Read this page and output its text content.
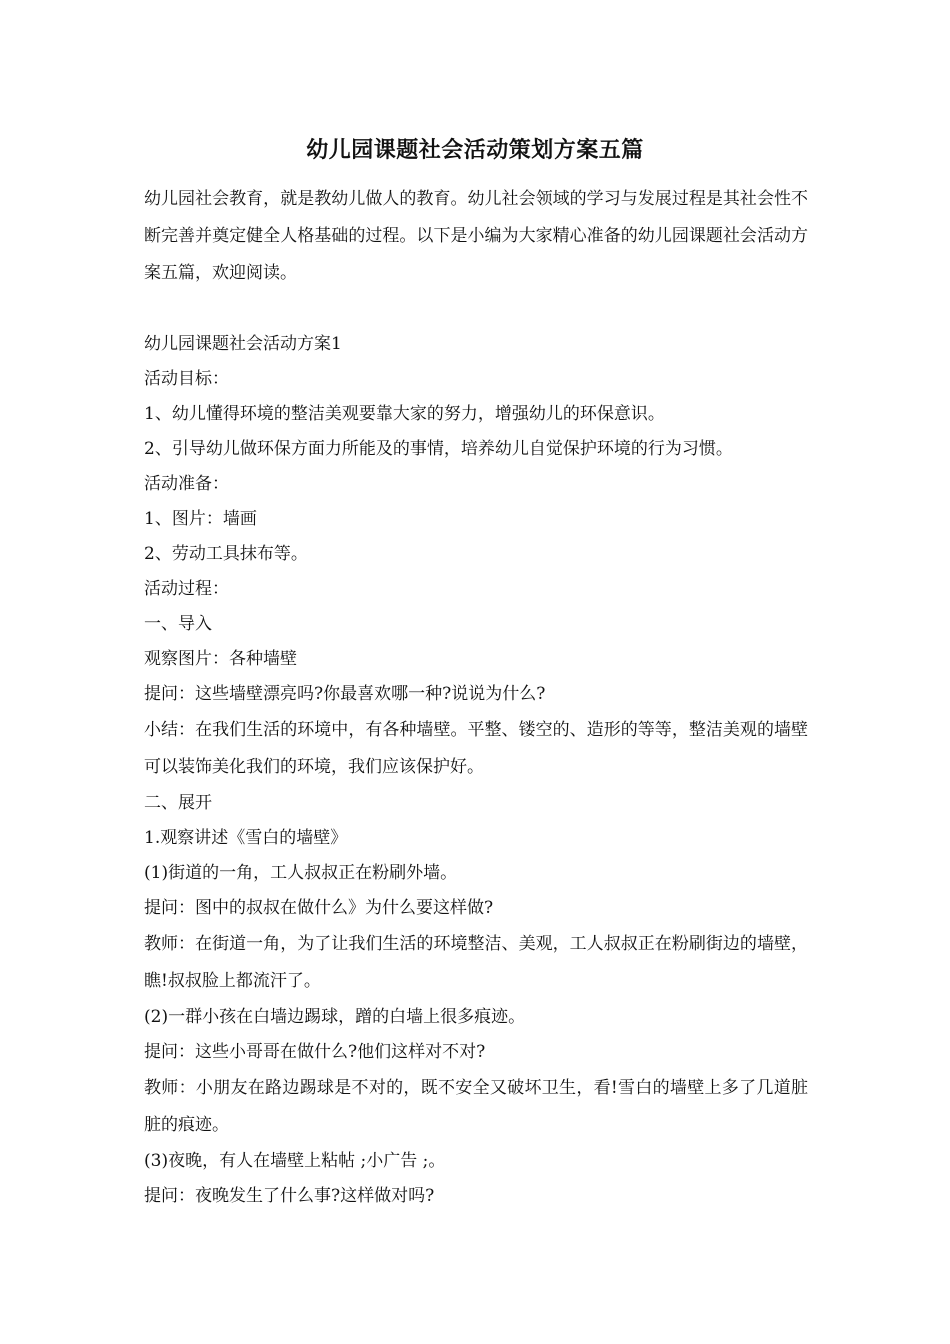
幼儿园课题社会活动策划方案五篇
幼儿园社会教育，就是教幼儿做人的教育。幼儿社会领域的学习与发展过程是其社会性不断完善并奠定健全人格基础的过程。以下是小编为大家精心准备的幼儿园课题社会活动方案五篇，欢迎阅读。

幼儿园课题社会活动方案1

活动目标：

1、幼儿懂得环境的整洁美观要靠大家的努力，增强幼儿的环保意识。

2、引导幼儿做环保方面力所能及的事情，培养幼儿自觉保护环境的行为习惯。

活动准备：

1、图片：墙画

2、劳动工具抹布等。

活动过程：

一、导入

观察图片：各种墙壁

提问：这些墙壁漂亮吗?你最喜欢哪一种?说说为什么?

小结：在我们生活的环境中，有各种墙壁。平整、镂空的、造形的等等，整洁美观的墙壁可以装饰美化我们的环境，我们应该保护好。

二、展开

1.观察讲述《雪白的墙壁》

(1)街道的一角，工人叔叔正在粉刷外墙。

提问：图中的叔叔在做什么》为什么要这样做?

教师：在街道一角，为了让我们生活的环境整洁、美观，工人叔叔正在粉刷街边的墙壁，瞧!叔叔脸上都流汗了。

(2)一群小孩在白墙边踢球，蹭的白墙上很多痕迹。

提问：这些小哥哥在做什么?他们这样对不对?

教师：小朋友在路边踢球是不对的，既不安全又破坏卫生，看!雪白的墙壁上多了几道脏脏的痕迹。

(3)夜晚，有人在墙壁上粘帖 ;小广告 ;。

提问：夜晚发生了什么事?这样做对吗?
